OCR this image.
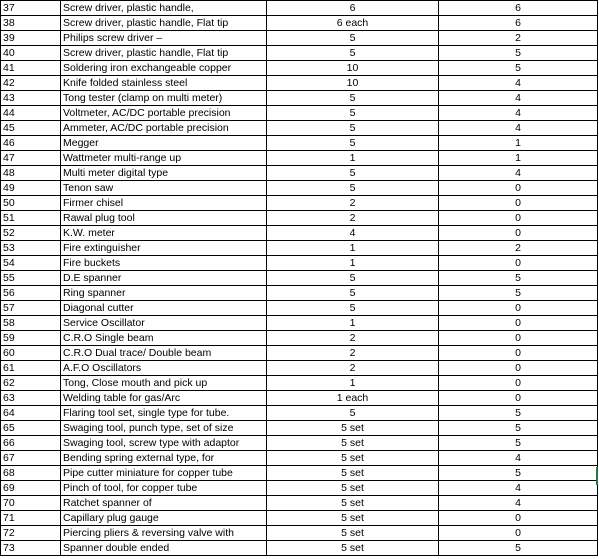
37	Screw driver, plastic handle,	6	6
38	Screw driver, plastic handle, Flat tip	6 each	6
39	Philips screw driver –	5	2
40	Screw driver, plastic handle, Flat tip	5	5
41	Soldering iron exchangeable copper	10	5
42	Knife folded stainless steel	10	4
43	Tong tester (clamp on multi meter)	5	4
44	Voltmeter, AC/DC portable precision	5	4
45	Ammeter, AC/DC portable precision	5	4
46	Megger	5	1
47	Wattmeter multi-range up	1	1
48	Multi meter digital type	5	4
49	Tenon saw	5	0
50	Firmer chisel	2	0
51	Rawal plug tool	2	0
52	K.W. meter	4	0
53	Fire extinguisher	1	2
54	Fire buckets	1	0
55	D.E spanner	5	5
56	Ring spanner	5	5
57	Diagonal cutter	5	0
58	Service Oscillator	1	0
59	C.R.O Single beam	2	0
60	C.R.O Dual trace/ Double beam	2	0
61	A.F.O Oscillators	2	0
62	Tong, Close mouth and pick up	1	0
63	Welding table for gas/Arc	1 each	0
64	Flaring tool set, single type for tube.	5	5
65	Swaging tool, punch type, set of size	5 set	5
66	Swaging tool, screw type with adaptor	5 set	5
67	Bending spring external type, for	5 set	4
68	Pipe cutter miniature for copper tube	5 set	5
69	Pinch of tool, for copper tube	5 set	4
70	Ratchet spanner of	5 set	4
71	Capillary plug gauge	5 set	0
72	Piercing pliers & reversing valve with	5 set	0
73	Spanner double ended	5 set	5
